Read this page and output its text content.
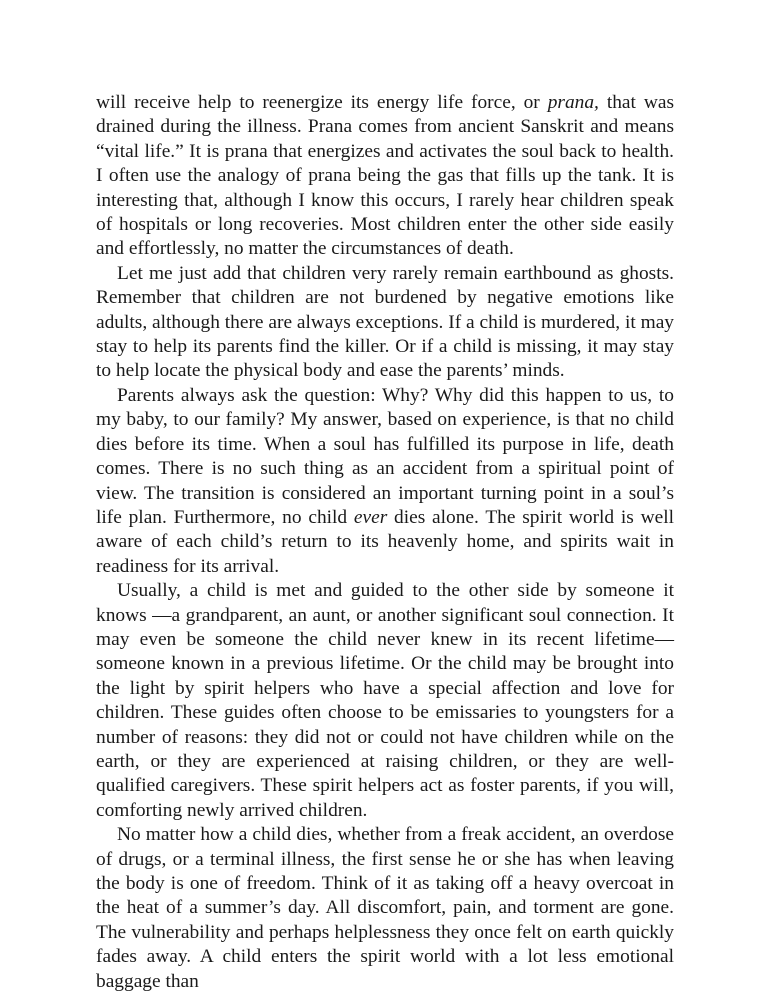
will receive help to reenergize its energy life force, or prana, that was drained during the illness. Prana comes from ancient Sanskrit and means “vital life.” It is prana that energizes and activates the soul back to health. I often use the analogy of prana being the gas that fills up the tank. It is interesting that, although I know this occurs, I rarely hear children speak of hospitals or long recoveries. Most children enter the other side easily and effortlessly, no matter the circumstances of death.

Let me just add that children very rarely remain earthbound as ghosts. Remember that children are not burdened by negative emotions like adults, although there are always exceptions. If a child is murdered, it may stay to help its parents find the killer. Or if a child is missing, it may stay to help locate the physical body and ease the parents’ minds.

Parents always ask the question: Why? Why did this happen to us, to my baby, to our family? My answer, based on experience, is that no child dies before its time. When a soul has fulfilled its purpose in life, death comes. There is no such thing as an accident from a spiritual point of view. The transition is considered an important turning point in a soul’s life plan. Furthermore, no child ever dies alone. The spirit world is well aware of each child’s return to its heavenly home, and spirits wait in readiness for its arrival.

Usually, a child is met and guided to the other side by someone it knows —a grandparent, an aunt, or another significant soul connection. It may even be someone the child never knew in its recent lifetime—someone known in a previous lifetime. Or the child may be brought into the light by spirit helpers who have a special affection and love for children. These guides often choose to be emissaries to youngsters for a number of reasons: they did not or could not have children while on the earth, or they are experienced at raising children, or they are well-qualified caregivers. These spirit helpers act as foster parents, if you will, comforting newly arrived children.

No matter how a child dies, whether from a freak accident, an overdose of drugs, or a terminal illness, the first sense he or she has when leaving the body is one of freedom. Think of it as taking off a heavy overcoat in the heat of a summer’s day. All discomfort, pain, and torment are gone. The vulnerability and perhaps helplessness they once felt on earth quickly fades away. A child enters the spirit world with a lot less emotional baggage than
